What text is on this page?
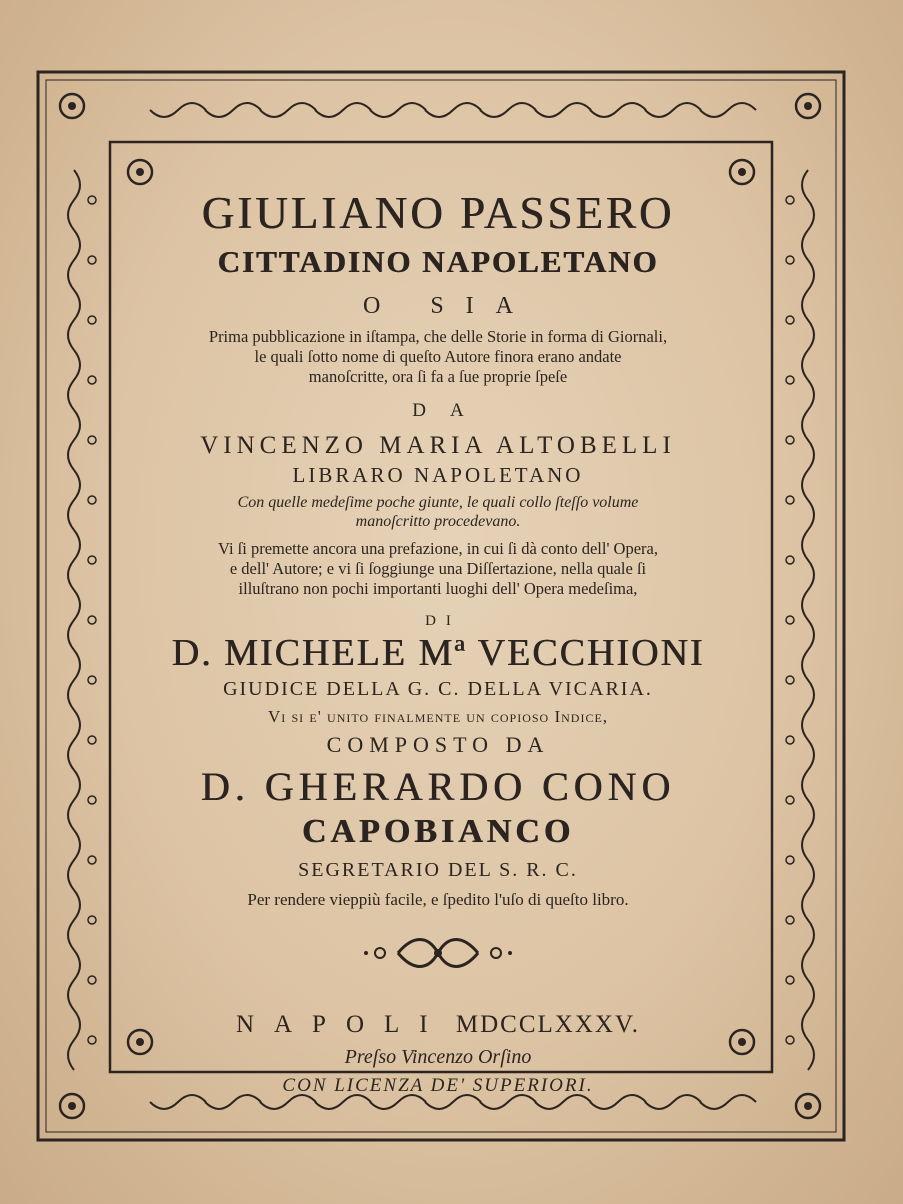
GIULIANO PASSERO
CITTADINO NAPOLETANO
O SIA
Prima pubblicazione in iſtampa, che delle Storie in forma di Giornali,
le quali ſotto nome di queſto Autore finora erano andate
manoſcritte, ora ſi fa a ſue proprie ſpeſe
DA
VINCENZO MARIA ALTOBELLI
LIBRARO NAPOLETANO
Con quelle medeſime poche giunte, le quali collo ſteſſo volume
manoſcritto procedevano.
Vi ſi premette ancora una prefazione, in cui ſi dà conto dell' Opera,
e dell' Autore; e vi ſi ſoggiunge una Diſſertazione, nella quale ſi
illuſtrano non pochi importanti luoghi dell' Opera medeſima,
DI
D. MICHELE Mª VECCHIONI
GIUDICE DELLA G. C. DELLA VICARIA.
Vi si e' unito finalmente un copioso Indice,
COMPOSTO DA
D. GHERARDO CONO
CAPOBIANCO
SEGRETARIO DEL S. R. C.
Per rendere vieppiù facile, e ſpedito l'uſo di queſto libro.
NAPOLI MDCCLXXXV.
Preſso Vincenzo Orſino
CON LICENZA DE' SUPERIORI.
